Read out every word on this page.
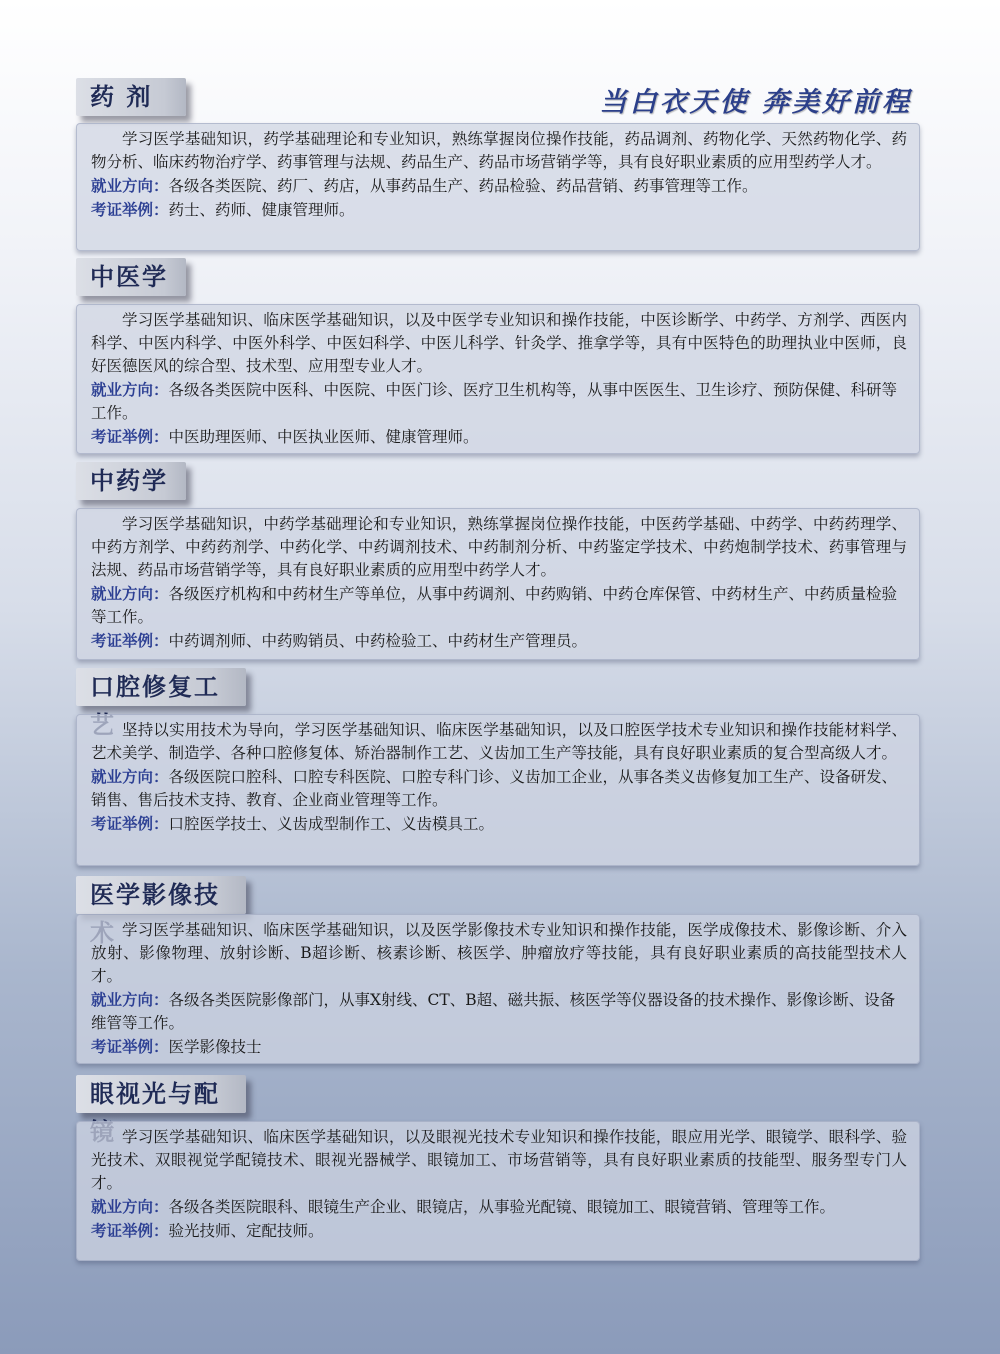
当白衣天使 奔美好前程
药 剂

学习医学基础知识，药学基础理论和专业知识，熟练掌握岗位操作技能，药品调剂、药物化学、天然药物化学、药物分析、临床药物治疗学、药事管理与法规、药品生产、药品市场营销学等，具有良好职业素质的应用型药学人才。

就业方向：各级各类医院、药厂、药店，从事药品生产、药品检验、药品营销、药事管理等工作。

考证举例：药士、药师、健康管理师。

中医学

学习医学基础知识、临床医学基础知识，以及中医学专业知识和操作技能，中医诊断学、中药学、方剂学、西医内科学、中医内科学、中医外科学、中医妇科学、中医儿科学、针灸学、推拿学等，具有中医特色的助理执业中医师，良好医德医风的综合型、技术型、应用型专业人才。

就业方向：各级各类医院中医科、中医院、中医门诊、医疗卫生机构等，从事中医医生、卫生诊疗、预防保健、科研等工作。

考证举例：中医助理医师、中医执业医师、健康管理师。

中药学

学习医学基础知识，中药学基础理论和专业知识，熟练掌握岗位操作技能，中医药学基础、中药学、中药药理学、中药方剂学、中药药剂学、中药化学、中药调剂技术、中药制剂分析、中药鉴定学技术、中药炮制学技术、药事管理与法规、药品市场营销学等，具有良好职业素质的应用型中药学人才。

就业方向：各级医疗机构和中药材生产等单位，从事中药调剂、中药购销、中药仓库保管、中药材生产、中药质量检验等工作。

考证举例：中药调剂师、中药购销员、中药检验工、中药材生产管理员。

口腔修复工

坚持以实用技术为导向，学习医学基础知识、临床医学基础知识，以及口腔医学技术专业知识和操作技能材料学、艺术美学、制造学、各种口腔修复体、矫治器制作工艺、义齿加工生产等技能，具有良好职业素质的复合型高级人才。

就业方向：各级医院口腔科、口腔专科医院、口腔专科门诊、义齿加工企业，从事各类义齿修复加工生产、设备研发、销售、售后技术支持、教育、企业商业管理等工作。

考证举例：口腔医学技士、义齿成型制作工、义齿模具工。

医学影像技

学习医学基础知识、临床医学基础知识，以及医学影像技术专业知识和操作技能，医学成像技术、影像诊断、介入放射、影像物理、放射诊断、B超诊断、核素诊断、核医学、肿瘤放疗等技能，具有良好职业素质的高技能型技术人才。

就业方向：各级各类医院影像部门，从事X射线、CT、B超、磁共振、核医学等仪器设备的技术操作、影像诊断、设备维管等工作。

考证举例：医学影像技士

眼视光与配

学习医学基础知识、临床医学基础知识，以及眼视光技术专业知识和操作技能，眼应用光学、眼镜学、眼科学、验光技术、双眼视觉学配镜技术、眼视光器械学、眼镜加工、市场营销等，具有良好职业素质的技能型、服务型专门人才。

就业方向：各级各类医院眼科、眼镜生产企业、眼镜店，从事验光配镜、眼镜加工、眼镜营销、管理等工作。

考证举例：验光技师、定配技师。
